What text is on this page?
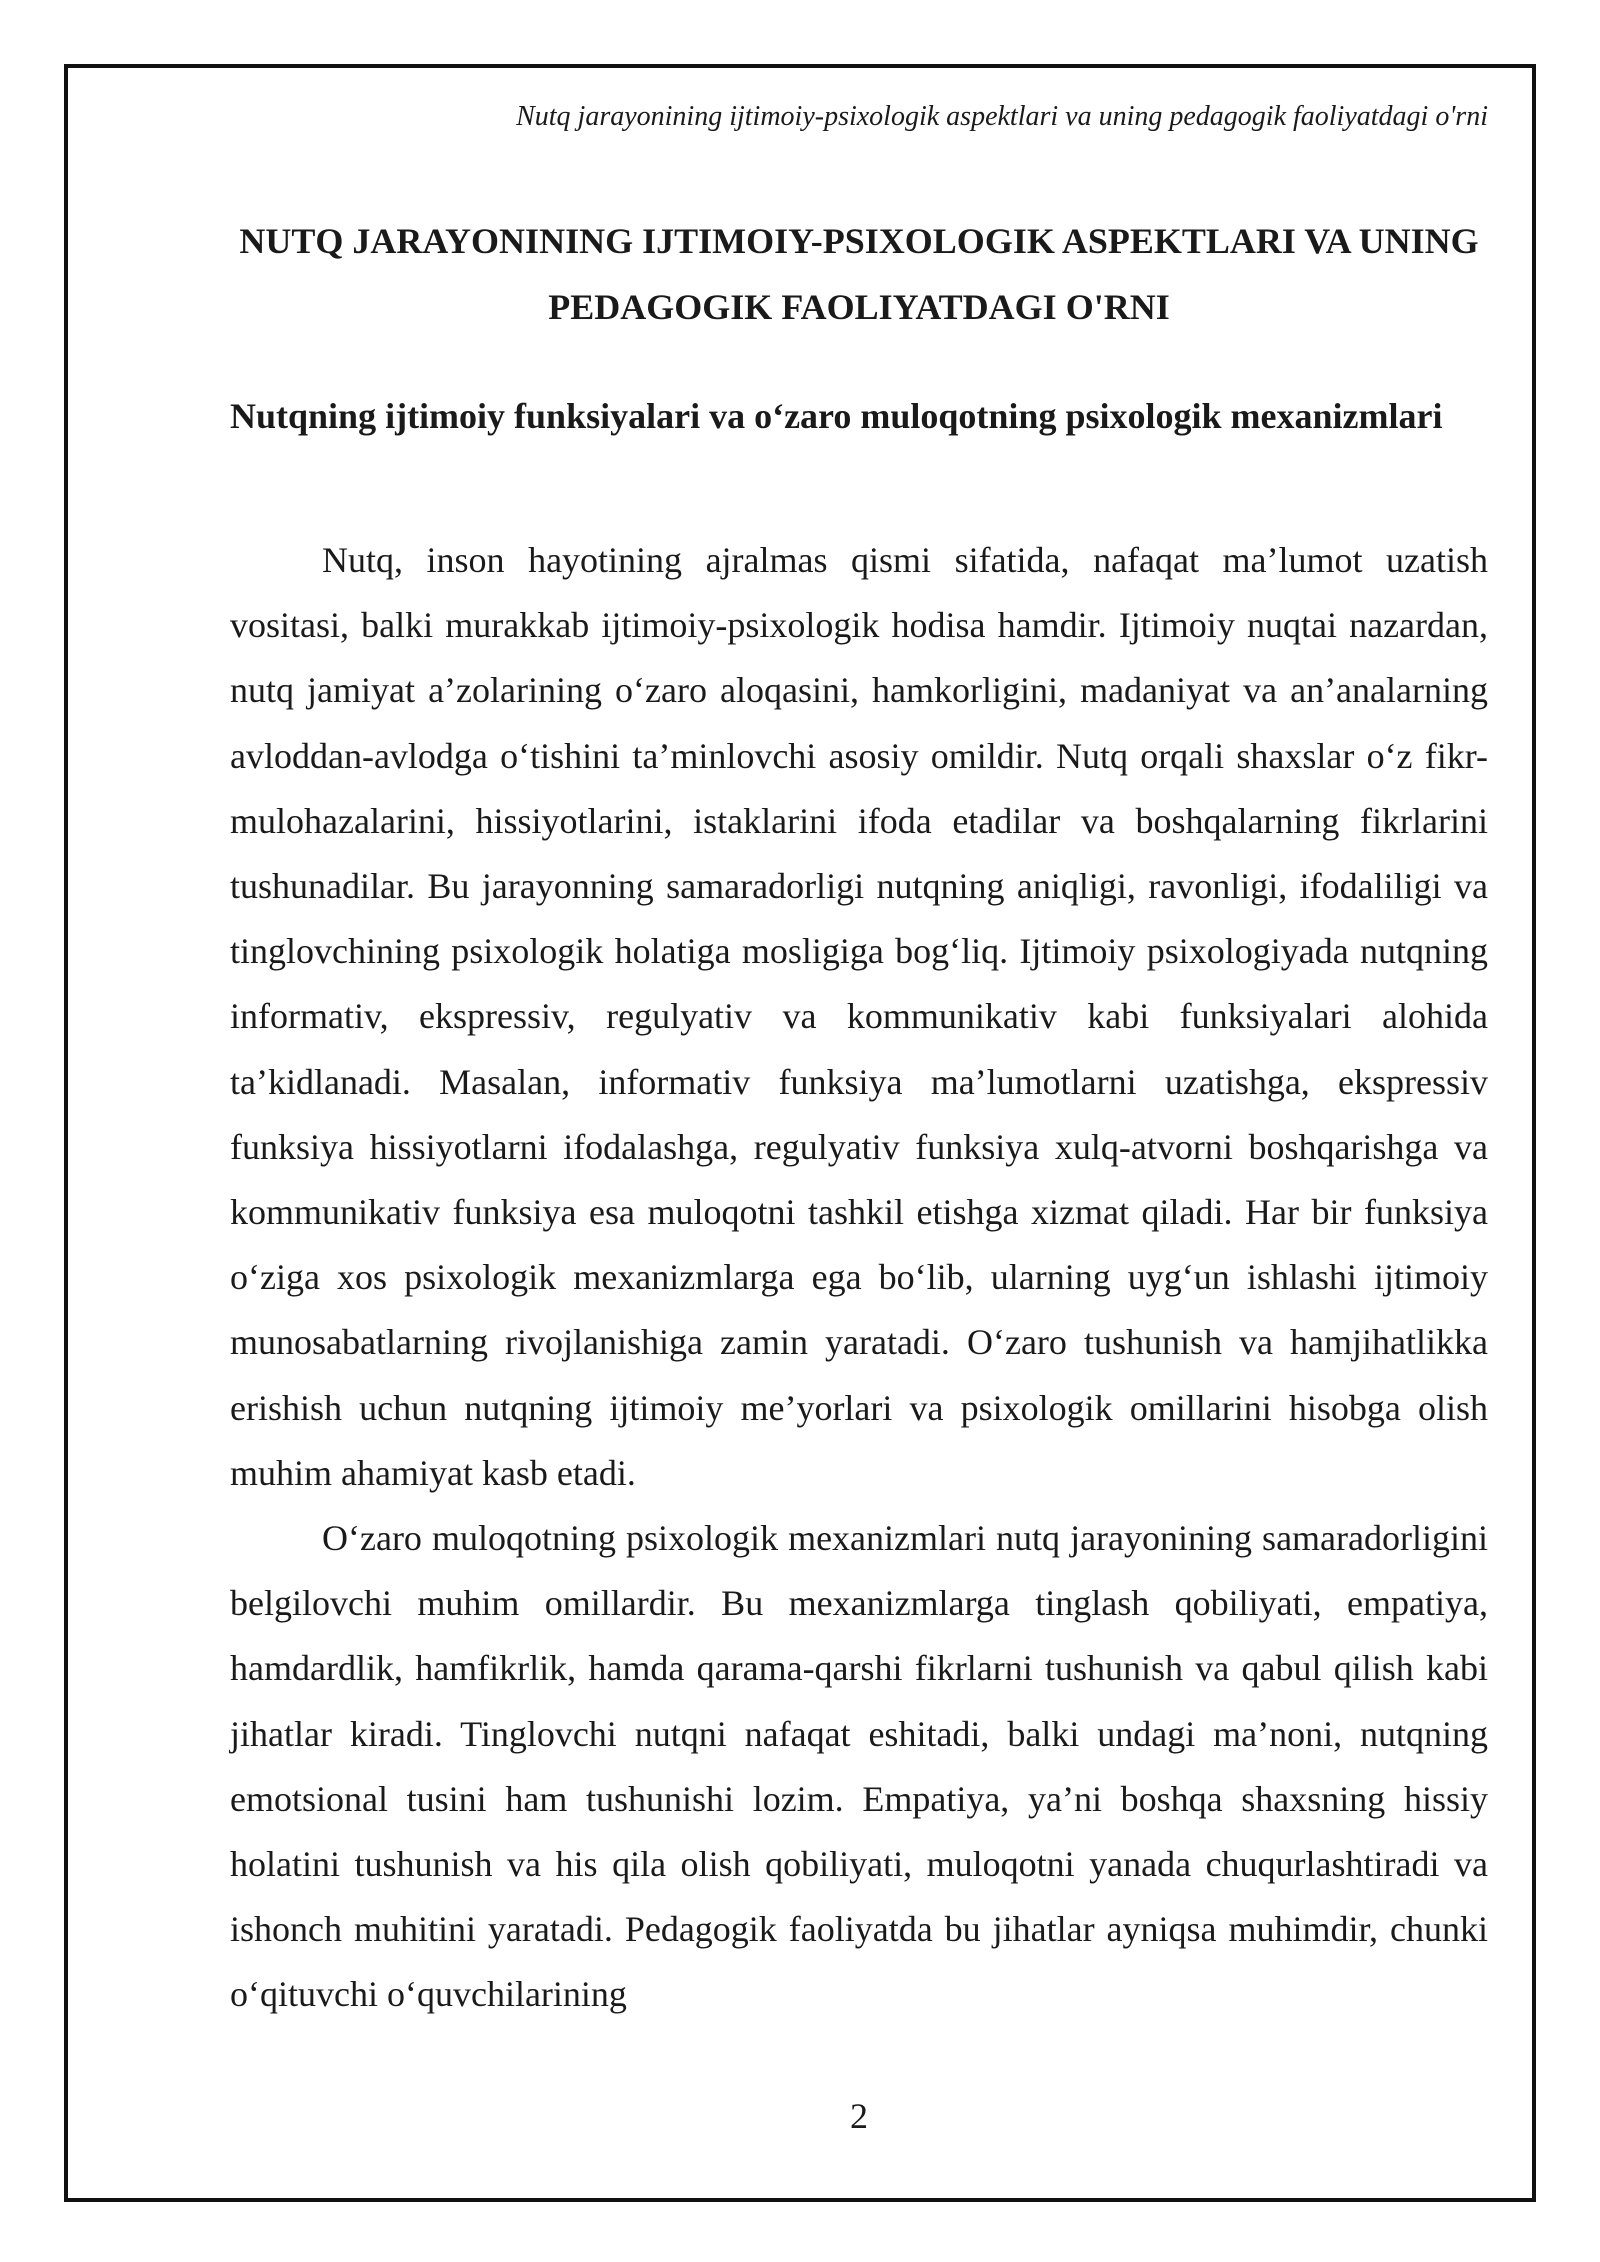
Nutq jarayonining ijtimoiy-psixologik aspektlari va uning pedagogik faoliyatdagi o'rni
NUTQ JARAYONINING IJTIMOIY-PSIXOLOGIK ASPEKTLARI VA UNING PEDAGOGIK FAOLIYATDAGI O'RNI
Nutqning ijtimoiy funksiyalari va o‘zaro muloqotning psixologik mexanizmlari

Nutq, inson hayotining ajralmas qismi sifatida, nafaqat ma’lumot uzatish vositasi, balki murakkab ijtimoiy-psixologik hodisa hamdir. Ijtimoiy nuqtai nazardan, nutq jamiyat a’zolarining o‘zaro aloqasini, hamkorligini, madaniyat va an’analarning avloddan-avlodga o‘tishini ta’minlovchi asosiy omildir. Nutq orqali shaxslar o‘z fikr-mulohazalarini, hissiyotlarini, istaklarini ifoda etadilar va boshqalarning fikrlarini tushunadilar. Bu jarayonning samaradorligi nutqning aniqligi, ravonligi, ifodaliligi va tinglovchining psixologik holatiga mosligiga bog‘liq. Ijtimoiy psixologiyada nutqning informativ, ekspressiv, regulyativ va kommunikativ kabi funksiyalari alohida ta’kidlanadi. Masalan, informativ funksiya ma’lumotlarni uzatishga, ekspressiv funksiya hissiyotlarni ifodalashga, regulyativ funksiya xulq-atvorni boshqarishga va kommunikativ funksiya esa muloqotni tashkil etishga xizmat qiladi. Har bir funksiya o‘ziga xos psixologik mexanizmlarga ega bo‘lib, ularning uyg‘un ishlashi ijtimoiy munosabatlarning rivojlanishiga zamin yaratadi. O‘zaro tushunish va hamjihatlikka erishish uchun nutqning ijtimoiy me’yorlari va psixologik omillarini hisobga olish muhim ahamiyat kasb etadi.

O‘zaro muloqotning psixologik mexanizmlari nutq jarayonining samaradorligini belgilovchi muhim omillardir. Bu mexanizmlarga tinglash qobiliyati, empatiya, hamdardlik, hamfikrlik, hamda qarama-qarshi fikrlarni tushunish va qabul qilish kabi jihatlar kiradi. Tinglovchi nutqni nafaqat eshitadi, balki undagi ma’noni, nutqning emotsional tusini ham tushunishi lozim. Empatiya, ya’ni boshqa shaxsning hissiy holatini tushunish va his qila olish qobiliyati, muloqotni yanada chuqurlashtiradi va ishonch muhitini yaratadi. Pedagogik faoliyatda bu jihatlar ayniqsa muhimdir, chunki o‘qituvchi o‘quvchilarining

2
